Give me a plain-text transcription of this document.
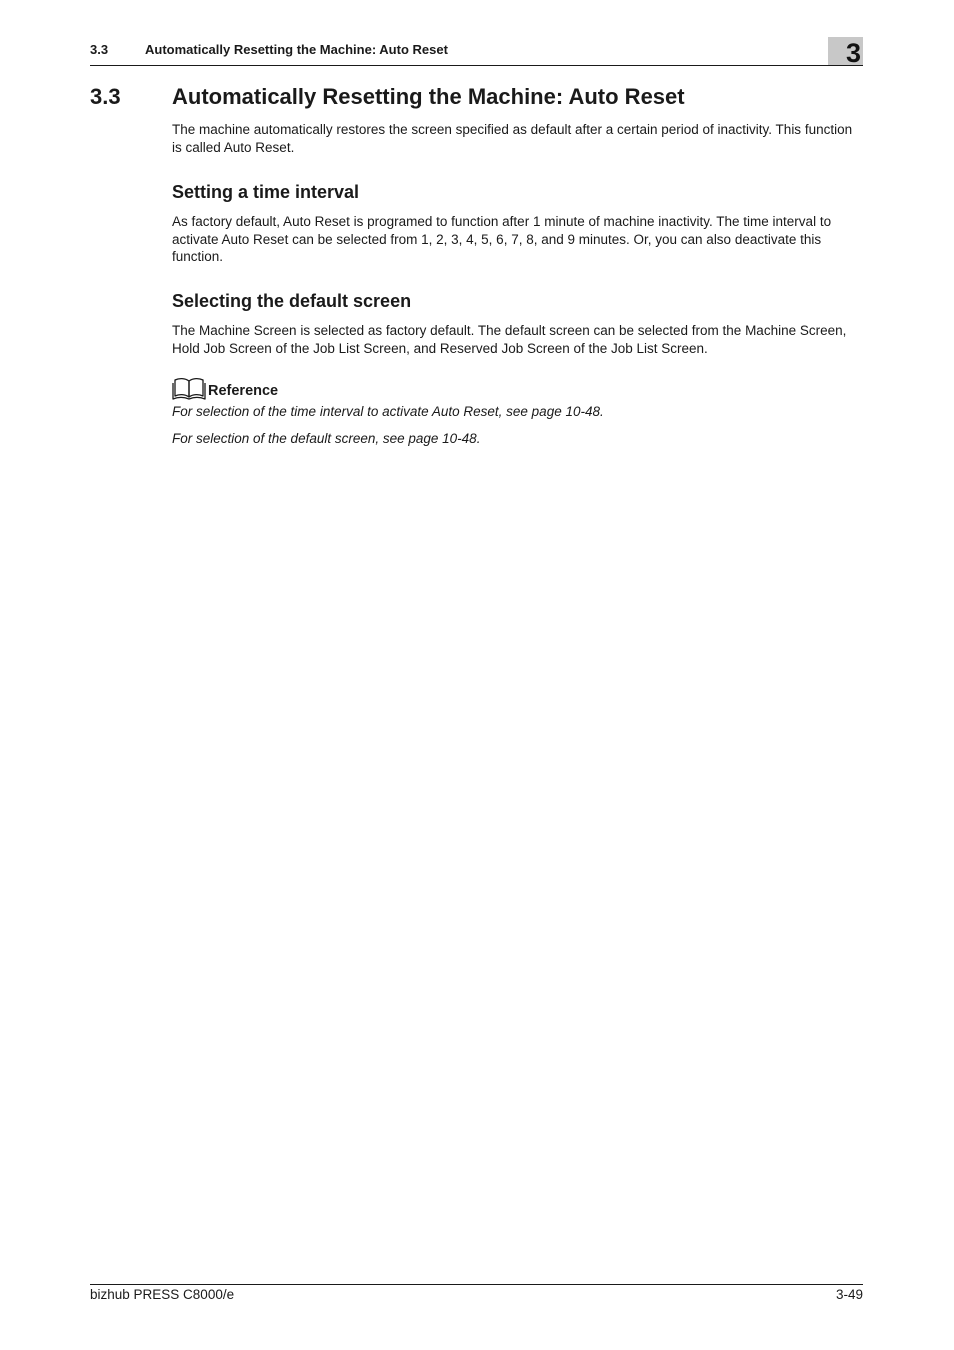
3.3	Automatically Resetting the Machine: Auto Reset	3
3.3 Automatically Resetting the Machine: Auto Reset
The machine automatically restores the screen specified as default after a certain period of inactivity. This function is called Auto Reset.
Setting a time interval
As factory default, Auto Reset is programed to function after 1 minute of machine inactivity. The time interval to activate Auto Reset can be selected from 1, 2, 3, 4, 5, 6, 7, 8, and 9 minutes. Or, you can also deactivate this function.
Selecting the default screen
The Machine Screen is selected as factory default. The default screen can be selected from the Machine Screen, Hold Job Screen of the Job List Screen, and Reserved Job Screen of the Job List Screen.
Reference
For selection of the time interval to activate Auto Reset, see page 10-48.
For selection of the default screen, see page 10-48.
bizhub PRESS C8000/e	3-49
